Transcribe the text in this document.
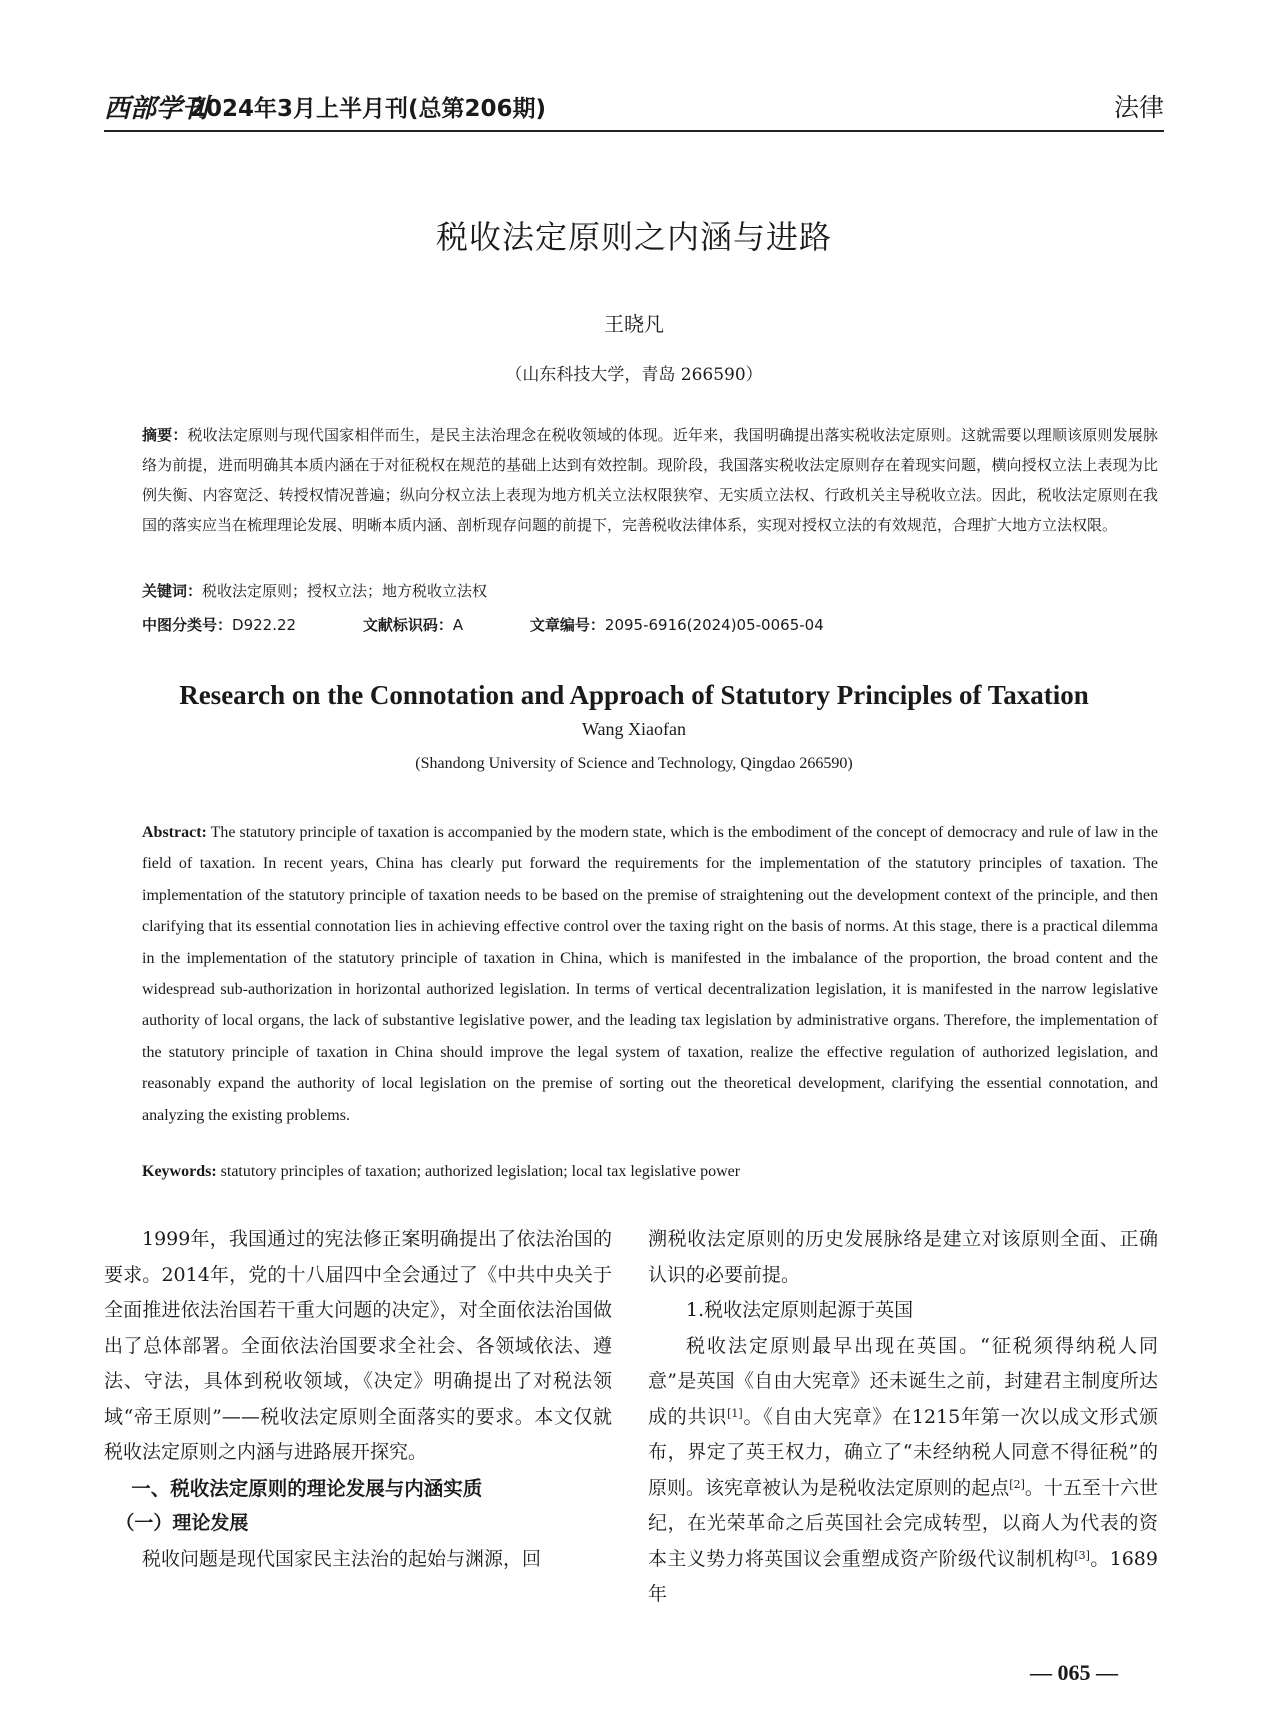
西部学刊
2024年3月上半月刊(总第206期)	法律
税收法定原则之内涵与进路
王晓凡
（山东科技大学，青岛 266590）
摘要：税收法定原则与现代国家相伴而生，是民主法治理念在税收领域的体现。近年来，我国明确提出落实税收法定原则。这就需要以理顺该原则发展脉络为前提，进而明确其本质内涵在于对征税权在规范的基础上达到有效控制。现阶段，我国落实税收法定原则存在着现实问题，横向授权立法上表现为比例失衡、内容宽泛、转授权情况普遍；纵向分权立法上表现为地方机关立法权限狭窄、无实质立法权、行政机关主导税收立法。因此，税收法定原则在我国的落实应当在梳理理论发展、明晰本质内涵、剖析现存问题的前提下，完善税收法律体系，实现对授权立法的有效规范，合理扩大地方立法权限。
关键词：税收法定原则；授权立法；地方税收立法权
中图分类号：D922.22	文献标识码：A	文章编号：2095-6916(2024)05-0065-04
Research on the Connotation and Approach of Statutory Principles of Taxation
Wang Xiaofan
(Shandong University of Science and Technology, Qingdao 266590)
Abstract: The statutory principle of taxation is accompanied by the modern state, which is the embodiment of the concept of democracy and rule of law in the field of taxation. In recent years, China has clearly put forward the requirements for the implementation of the statutory principles of taxation. The implementation of the statutory principle of taxation needs to be based on the premise of straightening out the development context of the principle, and then clarifying that its essential connotation lies in achieving effective control over the taxing right on the basis of norms. At this stage, there is a practical dilemma in the implementation of the statutory principle of taxation in China, which is manifested in the imbalance of the proportion, the broad content and the widespread sub-authorization in horizontal authorized legislation. In terms of vertical decentralization legislation, it is manifested in the narrow legislative authority of local organs, the lack of substantive legislative power, and the leading tax legislation by administrative organs. Therefore, the implementation of the statutory principle of taxation in China should improve the legal system of taxation, realize the effective regulation of authorized legislation, and reasonably expand the authority of local legislation on the premise of sorting out the theoretical development, clarifying the essential connotation, and analyzing the existing problems.
Keywords: statutory principles of taxation; authorized legislation; local tax legislative power

1999年，我国通过的宪法修正案明确提出了依法治国的要求。2014年，党的十八届四中全会通过了《中共中央关于全面推进依法治国若干重大问题的决定》，对全面依法治国做出了总体部署。全面依法治国要求全社会、各领域依法、遵法、守法，具体到税收领域，《决定》明确提出了对税法领域“帝王原则”——税收法定原则全面落实的要求。本文仅就税收法定原则之内涵与进路展开探究。

一、税收法定原则的理论发展与内涵实质

（一）理论发展

税收问题是现代国家民主法治的起始与渊源，回

溯税收法定原则的历史发展脉络是建立对该原则全面、正确认识的必要前提。

1.税收法定原则起源于英国

税收法定原则最早出现在英国。“征税须得纳税人同意”是英国《自由大宪章》还未诞生之前，封建君主制度所达成的共识[1]。《自由大宪章》在1215年第一次以成文形式颁布，界定了英王权力，确立了“未经纳税人同意不得征税”的原则。该宪章被认为是税收法定原则的起点[2]。十五至十六世纪，在光荣革命之后英国社会完成转型，以商人为代表的资本主义势力将英国议会重塑成资产阶级代议制机构[3]。1689年

— 065 —
